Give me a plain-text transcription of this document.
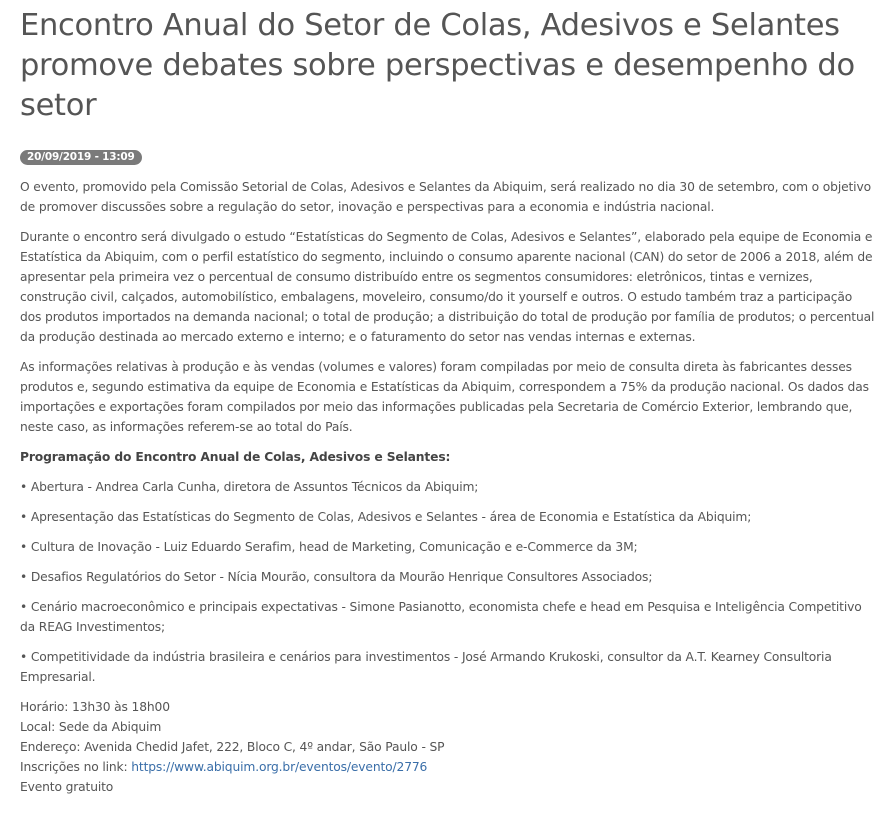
Encontro Anual do Setor de Colas, Adesivos e Selantes promove debates sobre perspectivas e desempenho do setor
20/09/2019 - 13:09

O evento, promovido pela Comissão Setorial de Colas, Adesivos e Selantes da Abiquim, será realizado no dia 30 de setembro, com o objetivo de promover discussões sobre a regulação do setor, inovação e perspectivas para a economia e indústria nacional.

Durante o encontro será divulgado o estudo “Estatísticas do Segmento de Colas, Adesivos e Selantes”, elaborado pela equipe de Economia e Estatística da Abiquim, com o perfil estatístico do segmento, incluindo o consumo aparente nacional (CAN) do setor de 2006 a 2018, além de apresentar pela primeira vez o percentual de consumo distribuído entre os segmentos consumidores: eletrônicos, tintas e vernizes, construção civil, calçados, automobilístico, embalagens, moveleiro, consumo/do it yourself e outros. O estudo também traz a participação dos produtos importados na demanda nacional; o total de produção; a distribuição do total de produção por família de produtos; o percentual da produção destinada ao mercado externo e interno; e o faturamento do setor nas vendas internas e externas.

As informações relativas à produção e às vendas (volumes e valores) foram compiladas por meio de consulta direta às fabricantes desses produtos e, segundo estimativa da equipe de Economia e Estatísticas da Abiquim, correspondem a 75% da produção nacional. Os dados das importações e exportações foram compilados por meio das informações publicadas pela Secretaria de Comércio Exterior, lembrando que, neste caso, as informações referem-se ao total do País.

Programação do Encontro Anual de Colas, Adesivos e Selantes:

• Abertura - Andrea Carla Cunha, diretora de Assuntos Técnicos da Abiquim;

• Apresentação das Estatísticas do Segmento de Colas, Adesivos e Selantes - área de Economia e Estatística da Abiquim;

• Cultura de Inovação - Luiz Eduardo Serafim, head de Marketing, Comunicação e e-Commerce da 3M;

• Desafios Regulatórios do Setor - Nícia Mourão, consultora da Mourão Henrique Consultores Associados;

• Cenário macroeconômico e principais expectativas - Simone Pasianotto, economista chefe e head em Pesquisa e Inteligência Competitivo da REAG Investimentos;

• Competitividade da indústria brasileira e cenários para investimentos - José Armando Krukoski, consultor da A.T. Kearney Consultoria Empresarial.

Horário: 13h30 às 18h00

Local: Sede da Abiquim

Endereço: Avenida Chedid Jafet, 222, Bloco C, 4º andar, São Paulo - SP

Inscrições no link: https://www.abiquim.org.br/eventos/evento/2776

Evento gratuito
